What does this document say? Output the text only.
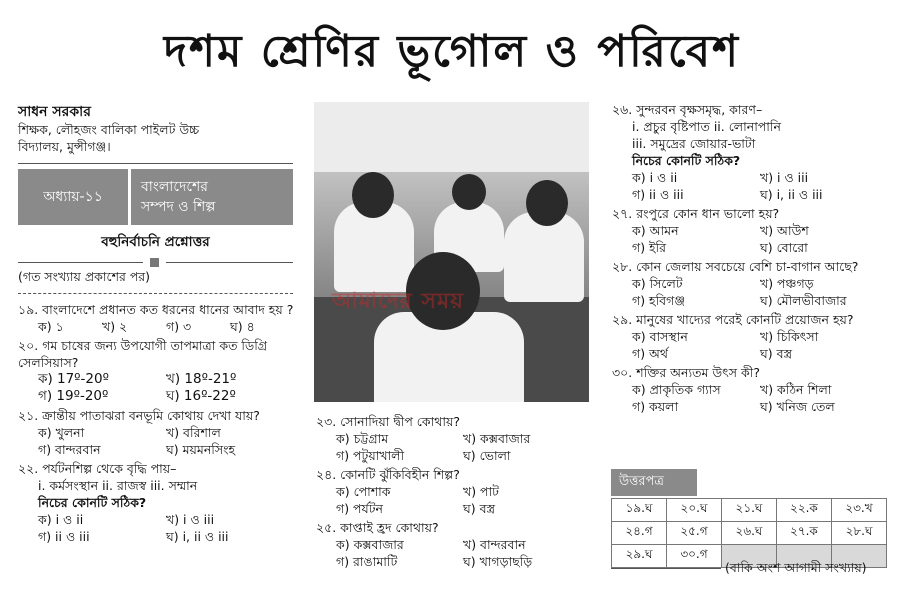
দশম শ্রেণির ভূগোল ও পরিবেশ
সাধন সরকার
শিক্ষক, লৌহজং বালিকা পাইলট উচ্চ
বিদ্যালয়, মুন্সীগঞ্জ।
অধ্যায়-১১
বাংলাদেশের
সম্পদ ও শিল্প
বহুনির্বাচনি প্রশ্নোত্তর
(গত সংখ্যায় প্রকাশের পর)
১৯. বাংলাদেশে প্রধানত কত ধরনের ধানের আবাদ হয় ?
ক) ১	খ) ২	গ) ৩	ঘ) ৪
২০. গম চাষের জন্য উপযোগী তাপমাত্রা কত ডিগ্রি সেলসিয়াস?
ক) 17º-20º	খ) 18º-21º
গ) 19º-20º	ঘ) 16º-22º
২১. ক্রান্তীয় পাতাঝরা বনভূমি কোথায় দেখা যায়?
ক) খুলনা	খ) বরিশাল
গ) বান্দরবান	ঘ) ময়মনসিংহ
২২. পর্যটনশিল্প থেকে বৃদ্ধি পায়–
i. কর্মসংস্থান ii. রাজস্ব iii. সম্মান
নিচের কোনটি সঠিক?
ক) i ও ii	খ) i ও iii
গ) ii ও iii	ঘ) i, ii ও iii
আমাদের সময়
২৩. সোনাদিয়া দ্বীপ কোথায়?
ক) চট্টগ্রাম	খ) কক্সবাজার
গ) পটুয়াখালী	ঘ) ভোলা
২৪. কোনটি ঝুঁকিবিহীন শিল্প?
ক) পোশাক	খ) পাট
গ) পর্যটন	ঘ) বস্ত্র
২৫. কাপ্তাই হ্রদ কোথায়?
ক) কক্সবাজার	খ) বান্দরবান
গ) রাঙামাটি	ঘ) খাগড়াছড়ি
২৬. সুন্দরবন বৃক্ষসমৃদ্ধ, কারণ–
i. প্রচুর বৃষ্টিপাত ii. লোনাপানি
iii. সমুদ্রের জোয়ার-ভাটা
নিচের কোনটি সঠিক?
ক) i ও ii	খ) i ও iii
গ) ii ও iii	ঘ) i, ii ও iii
২৭. রংপুরে কোন ধান ভালো হয়?
ক) আমন	খ) আউশ
গ) ইরি	ঘ) বোরো
২৮. কোন জেলায় সবচেয়ে বেশি চা-বাগান আছে?
ক) সিলেট	খ) পঞ্চগড়
গ) হবিগঞ্জ	ঘ) মৌলভীবাজার
২৯. মানুষের খাদ্যের পরেই কোনটি প্রয়োজন হয়?
ক) বাসস্থান	খ) চিকিৎসা
গ) অর্থ	ঘ) বস্ত্র
৩০. শক্তির অন্যতম উৎস কী?
ক) প্রাকৃতিক গ্যাস	খ) কঠিন শিলা
গ) কয়লা	ঘ) খনিজ তেল
উত্তরপত্র
১৯.ঘ	২০.ঘ	২১.ঘ	২২.ক	২৩.খ
২৪.গ	২৫.গ	২৬.ঘ	২৭.ক	২৮.ঘ
২৯.ঘ	৩০.গ			
(বাকি অংশ আগামী সংখ্যায়)
